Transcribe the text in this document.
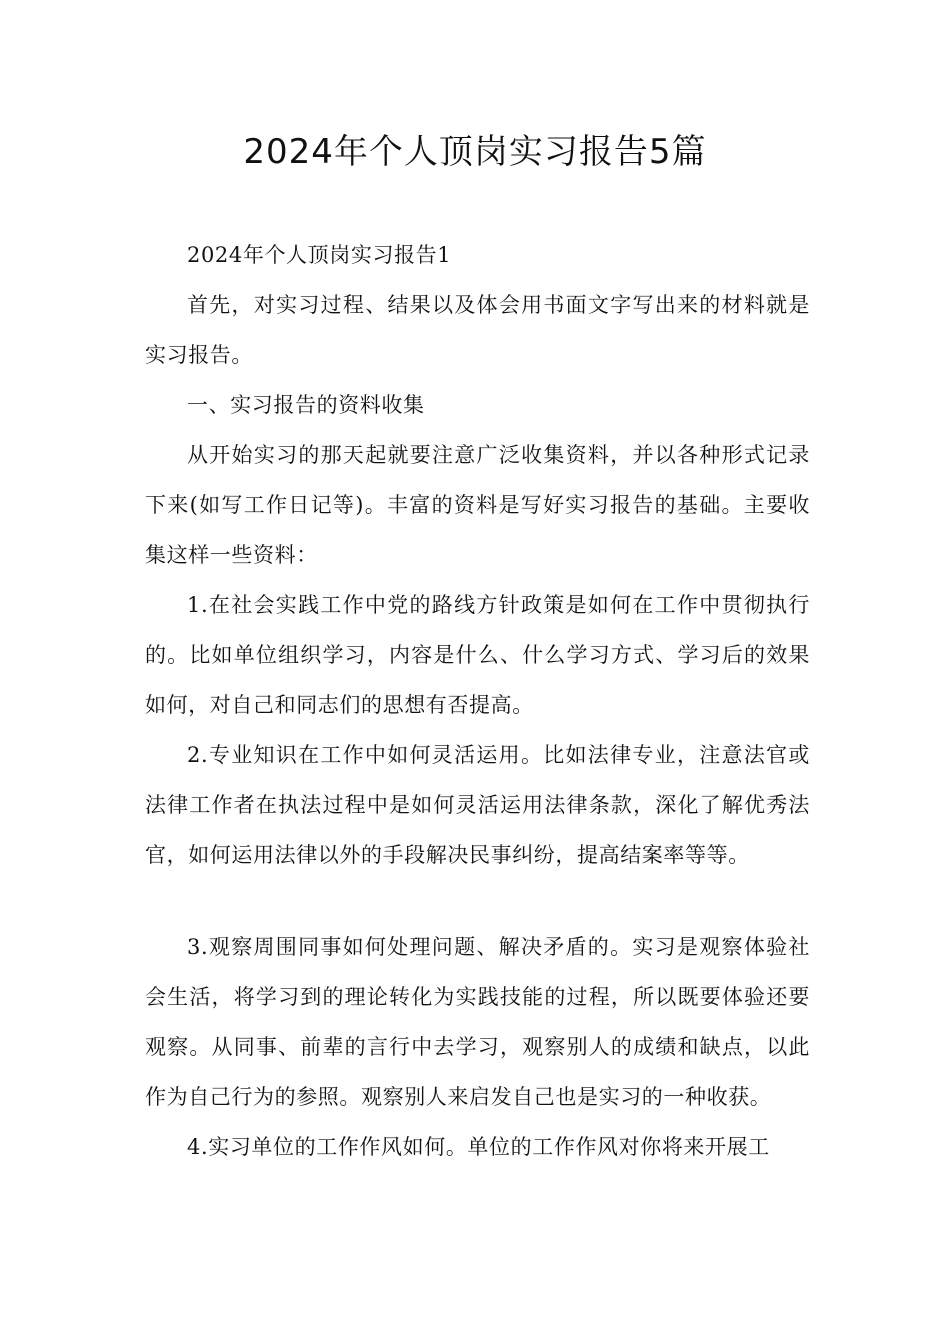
2024年个人顶岗实习报告5篇

2024年个人顶岗实习报告1

首先，对实习过程、结果以及体会用书面文字写出来的材料就是实习报告。

一、实习报告的资料收集

从开始实习的那天起就要注意广泛收集资料，并以各种形式记录下来(如写工作日记等)。丰富的资料是写好实习报告的基础。主要收集这样一些资料：

1.在社会实践工作中党的路线方针政策是如何在工作中贯彻执行的。比如单位组织学习，内容是什么、什么学习方式、学习后的效果如何，对自己和同志们的思想有否提高。

2.专业知识在工作中如何灵活运用。比如法律专业，注意法官或法律工作者在执法过程中是如何灵活运用法律条款，深化了解优秀法官，如何运用法律以外的手段解决民事纠纷，提高结案率等等。

3.观察周围同事如何处理问题、解决矛盾的。实习是观察体验社会生活，将学习到的理论转化为实践技能的过程，所以既要体验还要观察。从同事、前辈的言行中去学习，观察别人的成绩和缺点，以此作为自己行为的参照。观察别人来启发自己也是实习的一种收获。

4.实习单位的工作作风如何。单位的工作作风对你将来开展工
